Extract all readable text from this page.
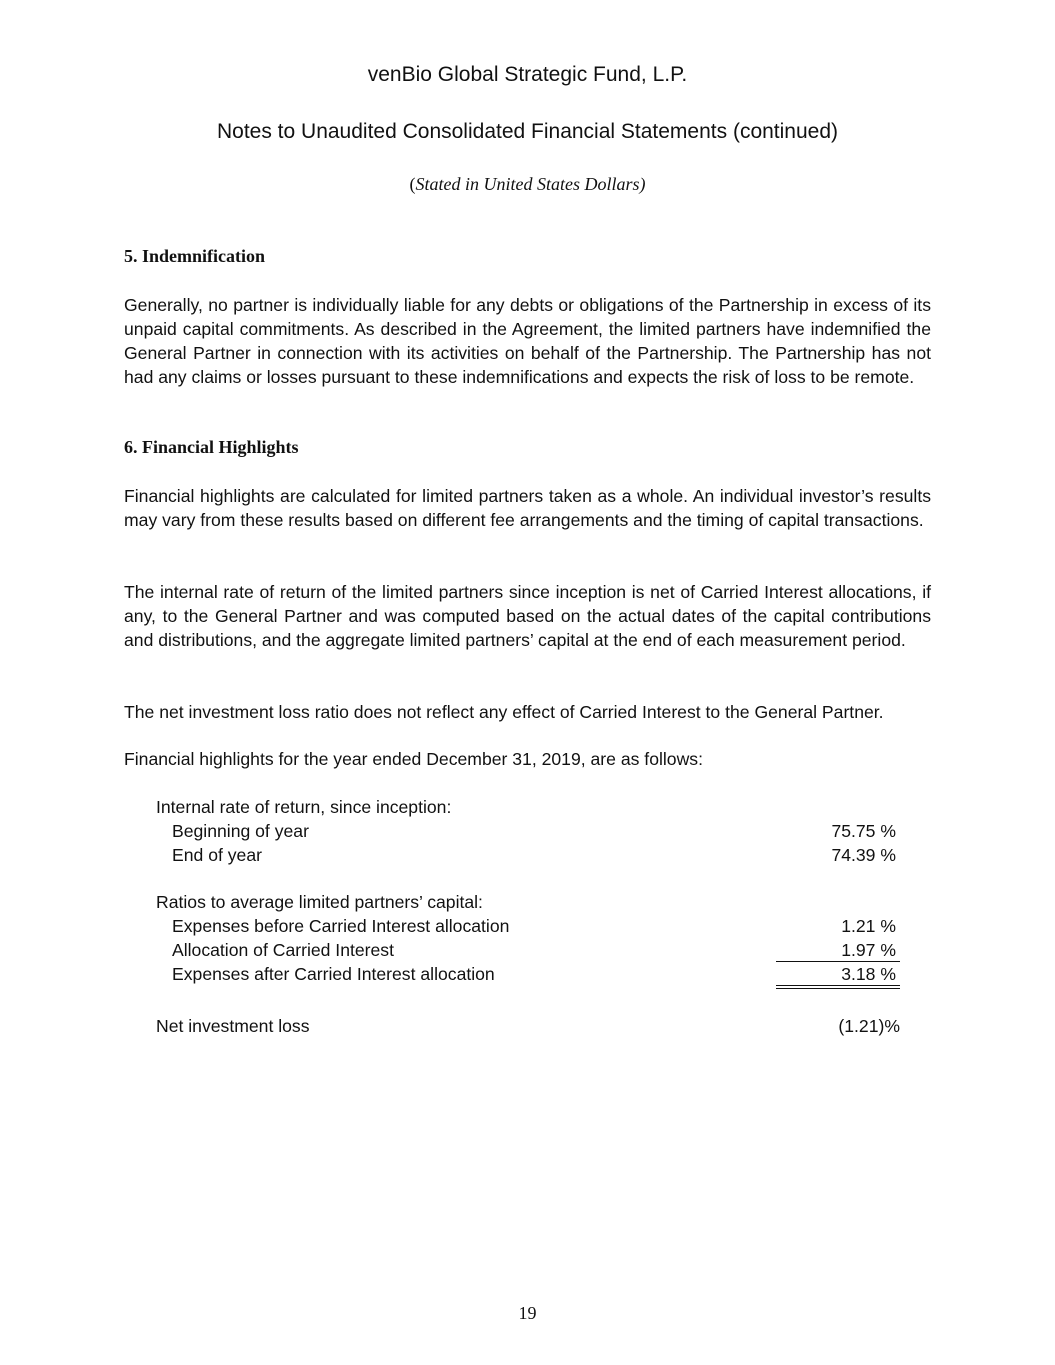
venBio Global Strategic Fund, L.P.
Notes to Unaudited Consolidated Financial Statements (continued)
(Stated in United States Dollars)
5. Indemnification
Generally, no partner is individually liable for any debts or obligations of the Partnership in excess of its unpaid capital commitments. As described in the Agreement, the limited partners have indemnified the General Partner in connection with its activities on behalf of the Partnership. The Partnership has not had any claims or losses pursuant to these indemnifications and expects the risk of loss to be remote.
6. Financial Highlights
Financial highlights are calculated for limited partners taken as a whole. An individual investor’s results may vary from these results based on different fee arrangements and the timing of capital transactions.
The internal rate of return of the limited partners since inception is net of Carried Interest allocations, if any, to the General Partner and was computed based on the actual dates of the capital contributions and distributions, and the aggregate limited partners’ capital at the end of each measurement period.
The net investment loss ratio does not reflect any effect of Carried Interest to the General Partner.
Financial highlights for the year ended December 31, 2019, are as follows:
Internal rate of return, since inception:
Beginning of year	75.75 %
End of year	74.39 %
Ratios to average limited partners’ capital:
Expenses before Carried Interest allocation	1.21 %
Allocation of Carried Interest	1.97 %
Expenses after Carried Interest allocation	3.18 %
Net investment loss	(1.21)%
19
